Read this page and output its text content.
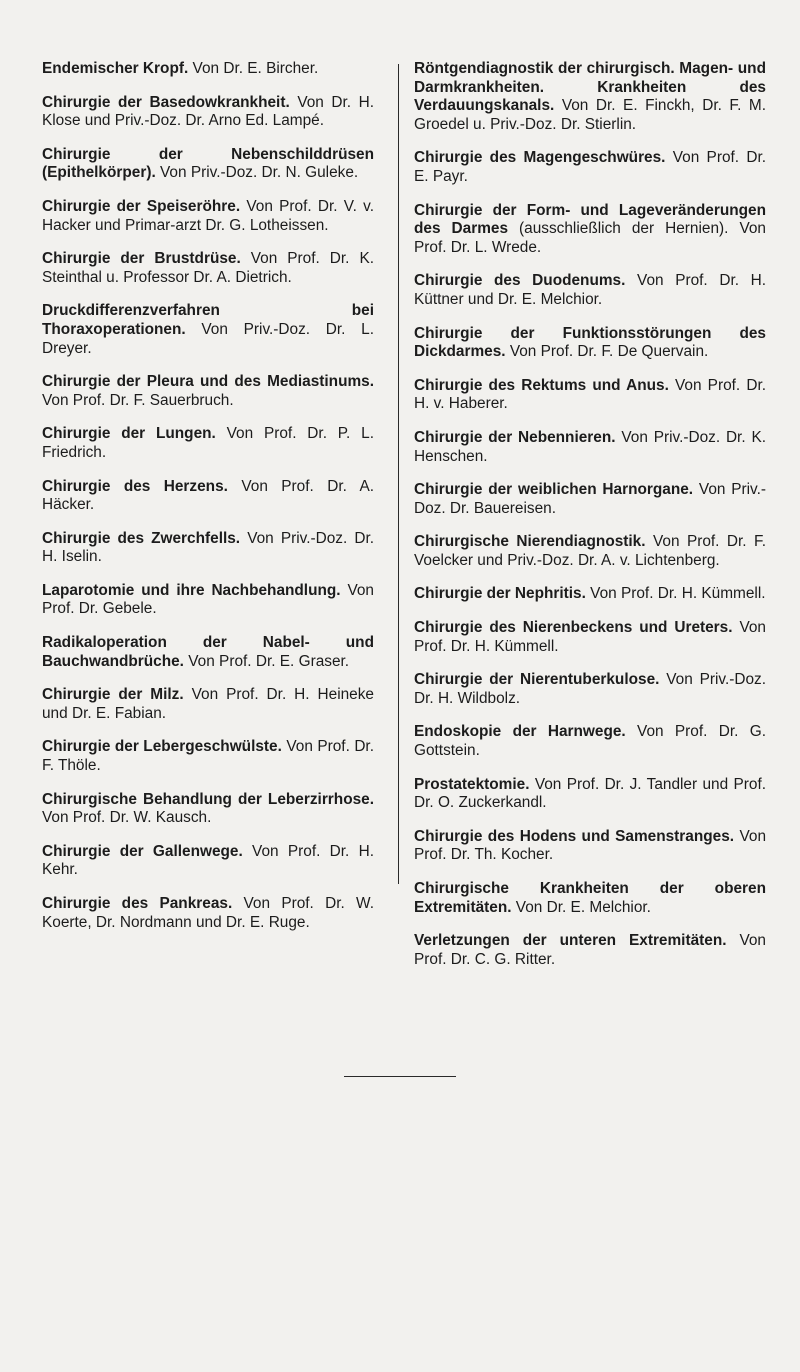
Endemischer Kropf. Von Dr. E. Bircher.
Chirurgie der Basedowkrankheit. Von Dr. H. Klose und Priv.-Doz. Dr. Arno Ed. Lampé.
Chirurgie der Nebenschilddrüsen (Epithelkörper). Von Priv.-Doz. Dr. N. Guleke.
Chirurgie der Speiseröhre. Von Prof. Dr. V. v. Hacker und Primar-arzt Dr. G. Lotheissen.
Chirurgie der Brustdrüse. Von Prof. Dr. K. Steinthal u. Professor Dr. A. Dietrich.
Druckdifferenzverfahren bei Thoraxoperationen. Von Priv.-Doz. Dr. L. Dreyer.
Chirurgie der Pleura und des Mediastinums. Von Prof. Dr. F. Sauerbruch.
Chirurgie der Lungen. Von Prof. Dr. P. L. Friedrich.
Chirurgie des Herzens. Von Prof. Dr. A. Häcker.
Chirurgie des Zwerchfells. Von Priv.-Doz. Dr. H. Iselin.
Laparotomie und ihre Nachbehandlung. Von Prof. Dr. Gebele.
Radikaloperation der Nabel- und Bauchwandbrüche. Von Prof. Dr. E. Graser.
Chirurgie der Milz. Von Prof. Dr. H. Heineke und Dr. E. Fabian.
Chirurgie der Lebergeschwülste. Von Prof. Dr. F. Thöle.
Chirurgische Behandlung der Leberzirrhose. Von Prof. Dr. W. Kausch.
Chirurgie der Gallenwege. Von Prof. Dr. H. Kehr.
Chirurgie des Pankreas. Von Prof. Dr. W. Koerte, Dr. Nordmann und Dr. E. Ruge.
Röntgendiagnostik der chirurgisch. Magen- und Darmkrankheiten. Krankheiten des Verdauungskanals. Von Dr. E. Finckh, Dr. F. M. Groedel u. Priv.-Doz. Dr. Stierlin.
Chirurgie des Magengeschwüres. Von Prof. Dr. E. Payr.
Chirurgie der Form- und Lageveränderungen des Darmes (ausschließlich der Hernien). Von Prof. Dr. L. Wrede.
Chirurgie des Duodenums. Von Prof. Dr. H. Küttner und Dr. E. Melchior.
Chirurgie der Funktionsstörungen des Dickdarmes. Von Prof. Dr. F. De Quervain.
Chirurgie des Rektums und Anus. Von Prof. Dr. H. v. Haberer.
Chirurgie der Nebennieren. Von Priv.-Doz. Dr. K. Henschen.
Chirurgie der weiblichen Harnorgane. Von Priv.-Doz. Dr. Bauereisen.
Chirurgische Nierendiagnostik. Von Prof. Dr. F. Voelcker und Priv.-Doz. Dr. A. v. Lichtenberg.
Chirurgie der Nephritis. Von Prof. Dr. H. Kümmell.
Chirurgie des Nierenbeckens und Ureters. Von Prof. Dr. H. Kümmell.
Chirurgie der Nierentuberkulose. Von Priv.-Doz. Dr. H. Wildbolz.
Endoskopie der Harnwege. Von Prof. Dr. G. Gottstein.
Prostatektomie. Von Prof. Dr. J. Tandler und Prof. Dr. O. Zuckerkandl.
Chirurgie des Hodens und Samenstranges. Von Prof. Dr. Th. Kocher.
Chirurgische Krankheiten der oberen Extremitäten. Von Dr. E. Melchior.
Verletzungen der unteren Extremitäten. Von Prof. Dr. C. G. Ritter.
